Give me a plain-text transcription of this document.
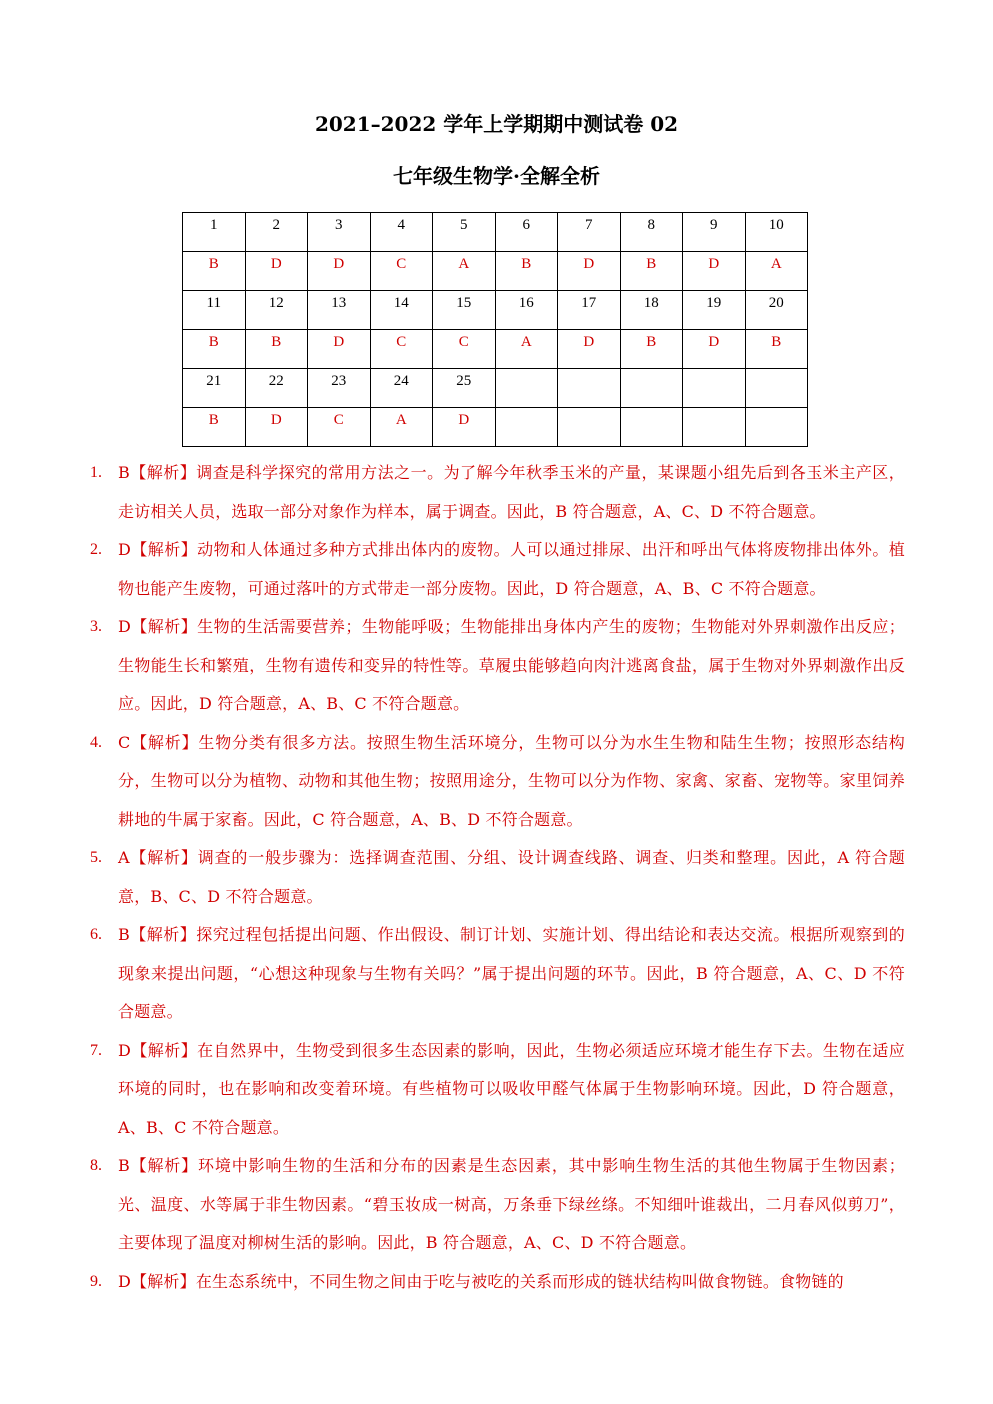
2021–2022 学年上学期期中测试卷 02
七年级生物学·全解全析
1	2	3	4	5	6	7	8	9	10

B	D	D	C	A	B	D	B	D	A

11	12	13	14	15	16	17	18	19	20

B	B	D	C	C	A	D	B	D	B

21	22	23	24	25					

B	D	C	A	D					

1.	B【解析】调查是科学探究的常用方法之一。为了解今年秋季玉米的产量，某课题小组先后到各玉米主产区，走访相关人员，选取一部分对象作为样本，属于调查。因此，B 符合题意，A、C、D 不符合题意。
2.	D【解析】动物和人体通过多种方式排出体内的废物。人可以通过排尿、出汗和呼出气体将废物排出体外。植物也能产生废物，可通过落叶的方式带走一部分废物。因此，D 符合题意，A、B、C 不符合题意。
3.	D【解析】生物的生活需要营养；生物能呼吸；生物能排出身体内产生的废物；生物能对外界刺激作出反应；生物能生长和繁殖，生物有遗传和变异的特性等。草履虫能够趋向肉汁逃离食盐，属于生物对外界刺激作出反应。因此，D 符合题意，A、B、C 不符合题意。
4.	C【解析】生物分类有很多方法。按照生物生活环境分，生物可以分为水生生物和陆生生物；按照形态结构分，生物可以分为植物、动物和其他生物；按照用途分，生物可以分为作物、家禽、家畜、宠物等。家里饲养耕地的牛属于家畜。因此，C 符合题意，A、B、D 不符合题意。
5.	A【解析】调查的一般步骤为：选择调查范围、分组、设计调查线路、调查、归类和整理。因此，A 符合题意，B、C、D 不符合题意。
6.	B【解析】探究过程包括提出问题、作出假设、制订计划、实施计划、得出结论和表达交流。根据所观察到的现象来提出问题，“心想这种现象与生物有关吗？”属于提出问题的环节。因此，B 符合题意，A、C、D 不符合题意。
7.	D【解析】在自然界中，生物受到很多生态因素的影响，因此，生物必须适应环境才能生存下去。生物在适应环境的同时，也在影响和改变着环境。有些植物可以吸收甲醛气体属于生物影响环境。因此，D 符合题意，A、B、C 不符合题意。
8.	B【解析】环境中影响生物的生活和分布的因素是生态因素，其中影响生物生活的其他生物属于生物因素；光、温度、水等属于非生物因素。“碧玉妆成一树高，万条垂下绿丝绦。不知细叶谁裁出，二月春风似剪刀”，主要体现了温度对柳树生活的影响。因此，B 符合题意，A、C、D 不符合题意。
9.	D【解析】在生态系统中，不同生物之间由于吃与被吃的关系而形成的链状结构叫做食物链。食物链的
